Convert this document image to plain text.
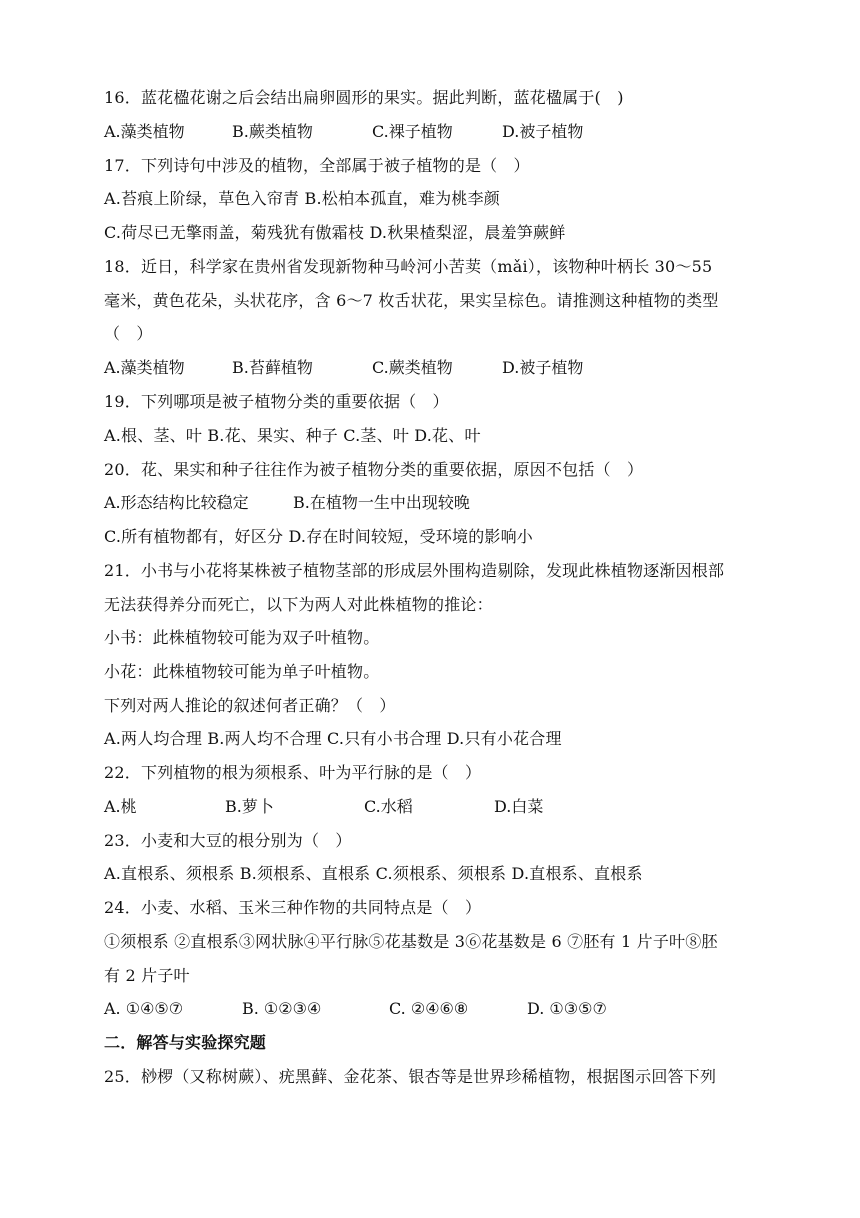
16．蓝花楹花谢之后会结出扁卵圆形的果实。据此判断，蓝花楹属于(　)
A.藻类植物	B.蕨类植物	C.裸子植物	D.被子植物
17．下列诗句中涉及的植物，全部属于被子植物的是（　）
A.苔痕上阶绿，草色入帘青 B.松柏本孤直，难为桃李颜
C.荷尽已无擎雨盖，菊残犹有傲霜枝 D.秋果楂梨涩，晨羞笋蕨鲜
18．近日，科学家在贵州省发现新物种马岭河小苦荬（mǎi），该物种叶柄长 30～55
毫米，黄色花朵，头状花序，含 6～7 枚舌状花，果实呈棕色。请推测这种植物的类型
（　）
A.藻类植物	B.苔藓植物	C.蕨类植物	D.被子植物
19．下列哪项是被子植物分类的重要依据（　）
A.根、茎、叶 B.花、果实、种子 C.茎、叶 D.花、叶
20．花、果实和种子往往作为被子植物分类的重要依据，原因不包括（　）
A.形态结构比较稳定	B.在植物一生中出现较晚
C.所有植物都有，好区分 D.存在时间较短，受环境的影响小
21．小书与小花将某株被子植物茎部的形成层外围构造剔除，发现此株植物逐渐因根部
无法获得养分而死亡，以下为两人对此株植物的推论：
小书：此株植物较可能为双子叶植物。
小花：此株植物较可能为单子叶植物。
下列对两人推论的叙述何者正确？（　）
A.两人均合理 B.两人均不合理 C.只有小书合理 D.只有小花合理
22．下列植物的根为须根系、叶为平行脉的是（　）
A.桃	B.萝卜	C.水稻	D.白菜
23．小麦和大豆的根分别为（　）
A.直根系、须根系 B.须根系、直根系 C.须根系、须根系 D.直根系、直根系
24．小麦、水稻、玉米三种作物的共同特点是（　）
①须根系 ②直根系③网状脉④平行脉⑤花基数是 3⑥花基数是 6 ⑦胚有 1 片子叶⑧胚
有 2 片子叶
A. ①④⑤⑦	B. ①②③④	C. ②④⑥⑧	D. ①③⑤⑦
二．解答与实验探究题
25．桫椤（又称树蕨）、疣黑藓、金花茶、银杏等是世界珍稀植物，根据图示回答下列
